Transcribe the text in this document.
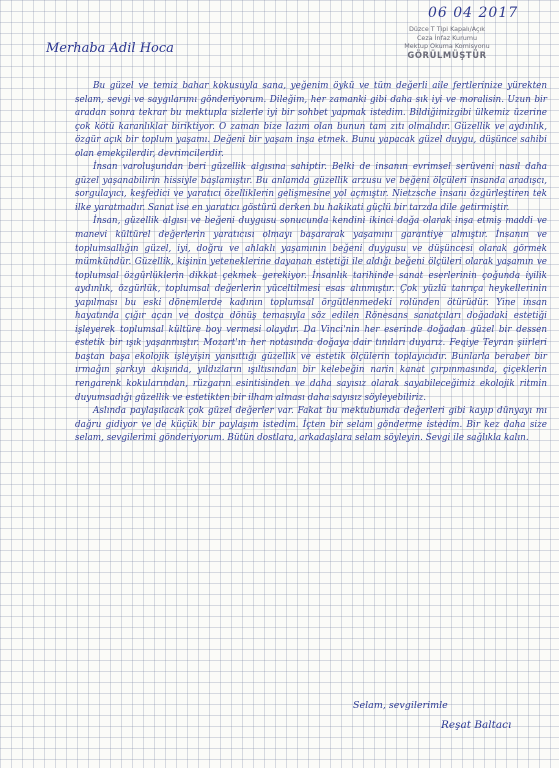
06 04 2017
Düzce T Tipi Kapalı/Açık
Ceza İnfaz Kurumu
Mektup Okuma Komisyonu
GÖRÜLMÜŞTÜR
Merhaba Adil Hoca

Bu güzel ve temiz bahar kokusuyla sana, yeğenim öykü ve tüm değerli aile fertlerinize yürekten selam, sevgi ve saygılarımı gönderiyorum. Dileğim, her zamanki gibi daha sık iyi ve moralisin. Uzun bir aradan sonra tekrar bu mektupla sizlerle iyi bir sohbet yapmak istedim. Bildiğimizgibi ülkemiz üzerine çok kötü karanlıklar biriktiyor. O zaman bize lazım olan bunun tam zıtı olmalıdır. Güzellik ve aydınlık, özgür açık bir toplum yaşamı. Değeni bir yaşam inşa etmek. Bunu yapacak güzel duygu, düşünce sahibi olan emekçilerdir, devrimcilerdir.

İnsan varoluşundan beri güzellik algısına sahiptir. Belki de insanın evrimsel serüveni nasıl daha güzel yaşanabilirin hissiyle başlamıştır. Bu anlamda güzellik arzusu ve beğeni ölçüleri insanda aradışcı, sorgulayıcı, keşfedici ve yaratıcı özelliklerin gelişmesine yol açmıştır. Nietzsche insanı özgürleştiren tek ilke yaratmadır. Sanat ise en yaratıcı göstürü derken bu hakikati güçlü bir tarzda dile getirmiştir.

İnsan, güzellik algısı ve beğeni duygusu sonucunda kendini ikinci doğa olarak inşa etmiş maddi ve manevi kültürel değerlerin yaratıcısı olmayı başararak yaşamını garantiye almıştır. İnsanın ve toplumsallığın güzel, iyi, doğru ve ahlaklı yaşamının beğeni duygusu ve düşüncesi olarak görmek mümkündür. Güzellik, kişinin yeteneklerine dayanan estetiği ile aldığı beğeni ölçüleri olarak yaşamın ve toplumsal özgürlüklerin dikkat çekmek gerekiyor. İnsanlık tarihinde sanat eserlerinin çoğunda iyilik aydınlık, özgürlük, toplumsal değerlerin yüceltilmesi esas alınmıştır. Çok yüzlü tanrıça heykellerinin yapılması bu eski dönemlerde kadının toplumsal örgütlenmedeki rolünden ötürüdür. Yine insan hayatında çığır açan ve dostça dönüş temasıyla söz edilen Rönesans sanatçıları doğadaki estetiği işleyerek toplumsal kültüre boy vermesi olaydır. Da Vinci'nin her eserinde doğadan güzel bir dessen estetik bir ışık yaşanmıştır. Mozart'ın her notasında doğaya dair tınıları duyarız. Feqiye Teyran şiirleri baştan başa ekolojik işleyişin yansıttığı güzellik ve estetik ölçülerin toplayıcıdır. Bunlarla beraber bir ırmağın şarkıyı akışında, yıldızların ışıltısından bir kelebeğin narin kanat çırpınmasında, çiçeklerin rengarenk kokularından, rüzgarın esintisinden ve daha sayısız olarak sayabileceğimiz ekolojik ritmin duyumsadığı güzellik ve estetikten bir ilham alması daha sayısız söyleyebiliriz.

Aslında paylaşılacak çok güzel değerler var. Fakat bu mektubumda değerleri gibi kayıp dünyayı mı dağru gidiyor ve de küçük bir paylaşım istedim. İçten bir selam gönderme istedim. Bir kez daha size selam, sevgilerimi gönderiyorum. Bütün dostlara, arkadaşlara selam söyleyin. Sevgi ile sağlıkla kalın.

Selam, sevgilerimle
Reşat Baltacı
